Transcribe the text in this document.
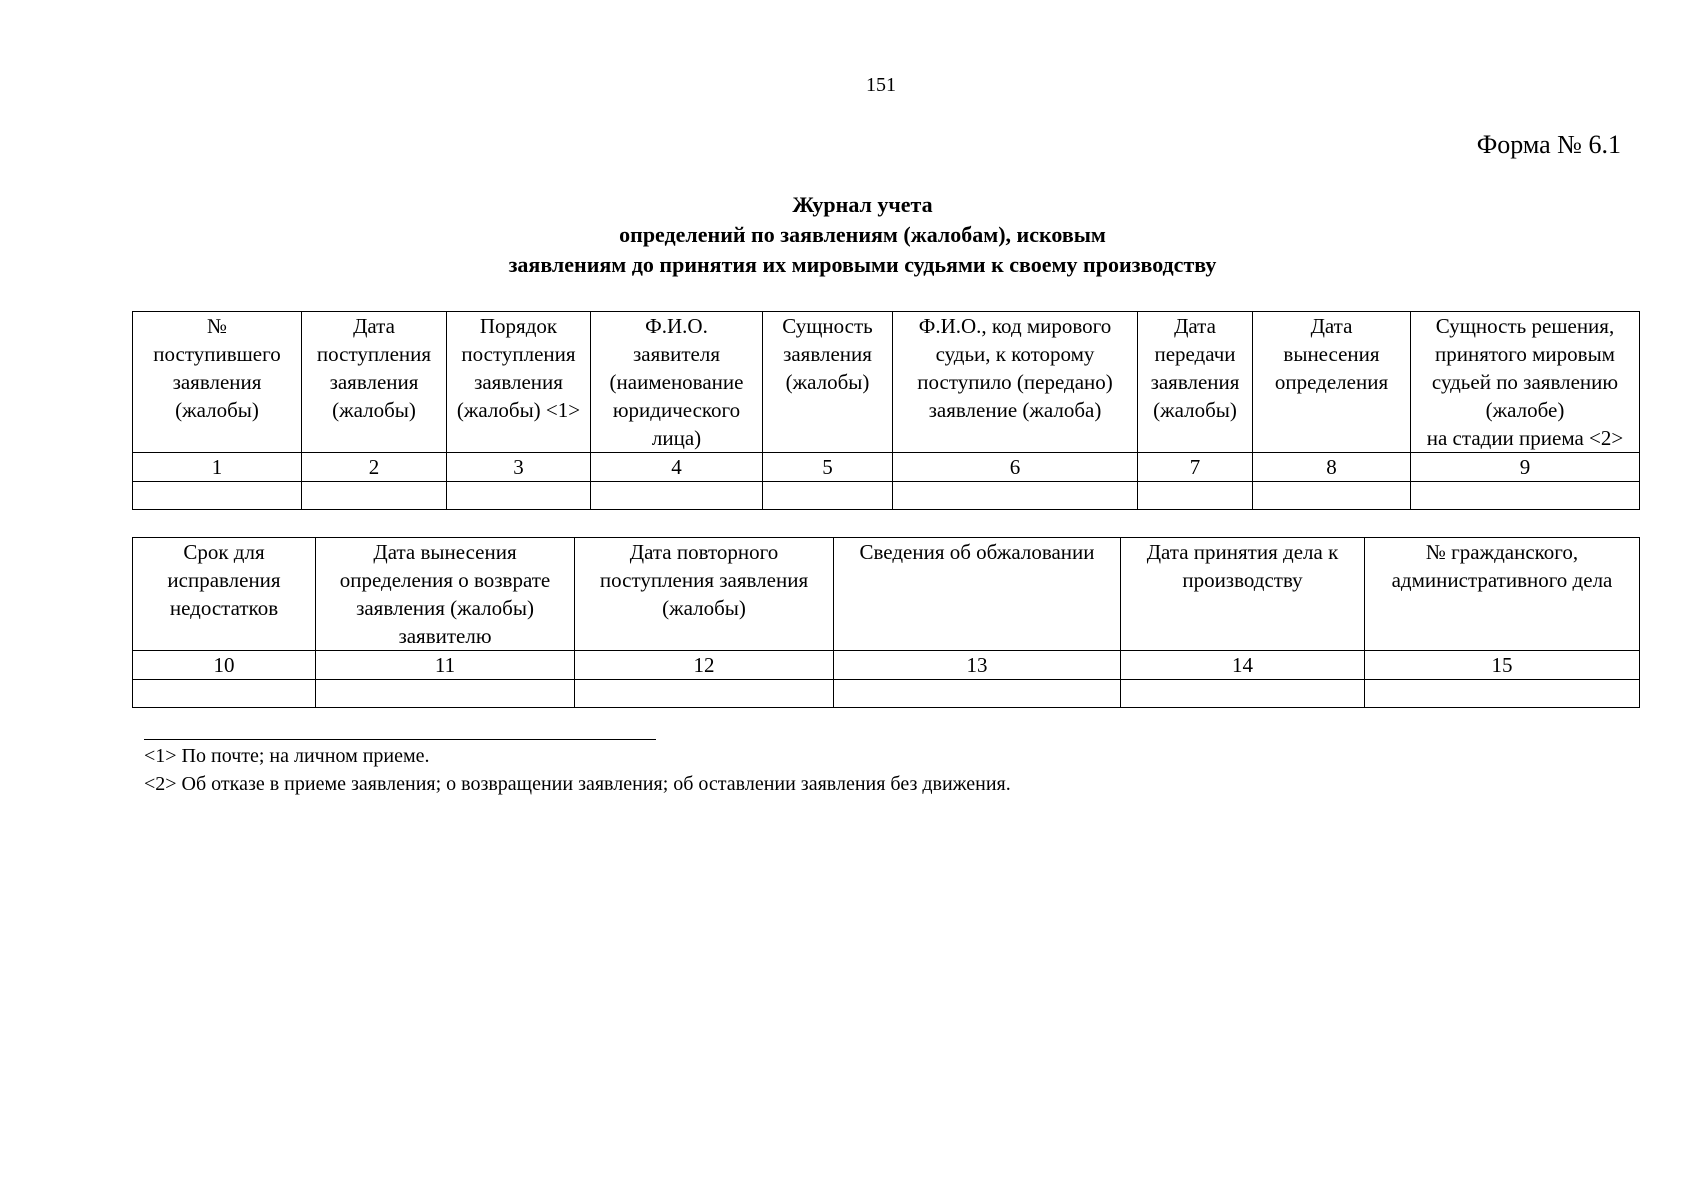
151

Форма № 6.1

Журнал учета
определений по заявлениям (жалобам), исковым
заявлениям до принятия их мировыми судьями к своему производству
№
поступившего
заявления
(жалобы)	Дата
поступления
заявления
(жалобы)	Порядок
поступления
заявления
(жалобы) <1>	Ф.И.О.
заявителя
(наименование
юридического
лица)	Сущность
заявления
(жалобы)	Ф.И.О., код мирового
судьи, к которому
поступило (передано)
заявление (жалоба)	Дата
передачи
заявления
(жалобы)	Дата
вынесения
определения	Сущность решения,
принятого мировым
судьей по заявлению
(жалобе)
на стадии приема <2>

1	2	3	4	5	6	7	8	9

Срок для
исправления
недостатков	Дата вынесения
определения о возврате
заявления (жалобы)
заявителю	Дата повторного
поступления заявления
(жалобы)	Сведения об обжаловании	Дата принятия дела к
производству	№ гражданского,
административного дела

10	11	12	13	14	15

<1> По почте; на личном приеме.

<2> Об отказе в приеме заявления; о возвращении заявления; об оставлении заявления без движения.
